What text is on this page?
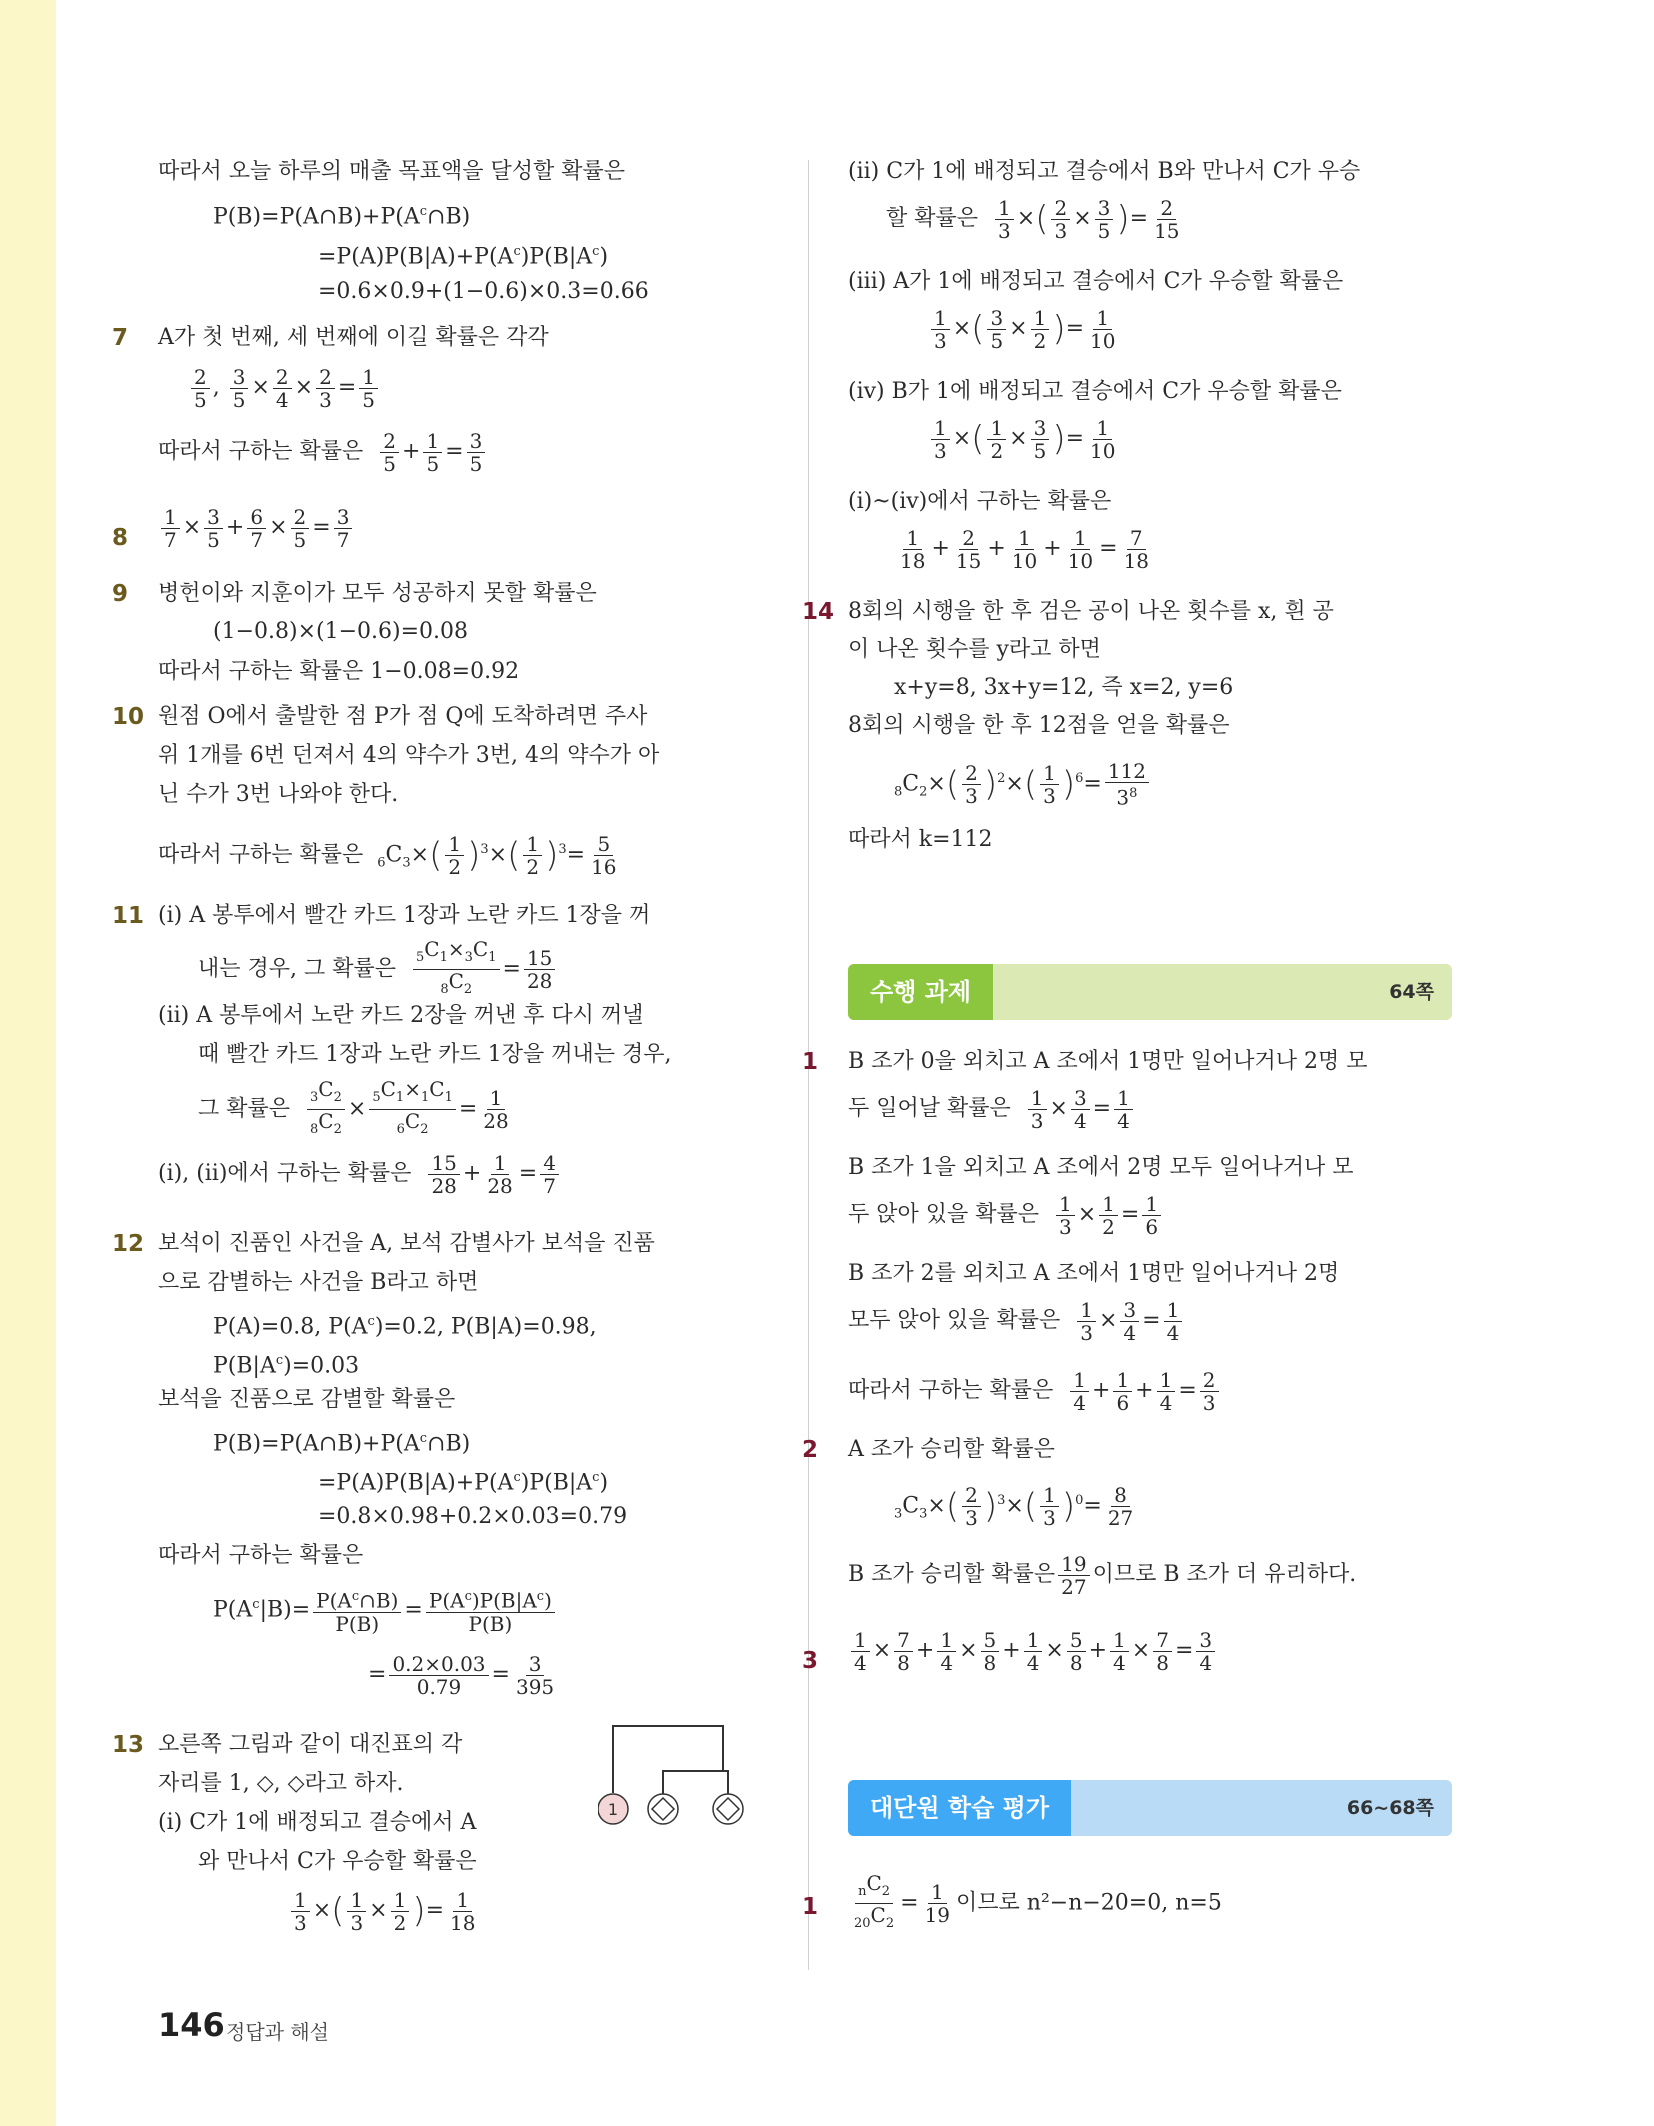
따라서 오늘 하루의 매출 목표액을 달성할 확률은
$P(B)=P(A\cap B)+P(A^c\cap B)$
$=P(A)P(B|A)+P(A^c)P(B|A^c)$
=0.6×0.9+(1−0.6)×0.3=0.66
7 A가 첫 번째, 세 번째에 이길 확률은 각각
$\frac{2}{5}$ , $\frac{3}{5} \times \frac{2}{4} \times \frac{2}{3} = \frac{1}{5}$
따라서 구하는 확률은 $\frac{2}{5} + \frac{1}{5} = \frac{3}{5}$
$8 \frac{1}{7} \times \frac{3}{5} + \frac{6}{7} \times \frac{2}{5} = \frac{3}{7}$
9 병헌이와 지훈이가 모두 성공하지 못할 확률은
(1−0.8)×(1−0.6)=0.08
따라서 구하는 확률은 1−0.08=0.92
10 원점 O에서 출발한 점 P가 점 Q에 도착하려면 주사
위 1개를 6번 던져서 4의 약수가 3번, 4의 약수가 아
닌 수가 3번 나와야 한다.
따라서 구하는 확률은 $_6C_3\times( \frac{1}{2} )^3\times( \frac{1}{2} )^3= \frac{5}{16}$
11 (ⅰ) A 봉투에서 빨간 카드 1장과 노란 카드 1장을 꺼
내는 경우, 그 확률은 $\frac{_5C_1\times_3C_1}{_8C_2} = \frac{15}{28}$
(ⅱ) A 봉투에서 노란 카드 2장을 꺼낸 후 다시 꺼낼
때 빨간 카드 1장과 노란 카드 1장을 꺼내는 경우,
그 확률은 $\frac{_3C_2}{_8C_2} \times \frac{_5C_1\times_1C_1}{_6C_2} = \frac{1}{28}$
(ⅰ), (ⅱ)에서 구하는 확률은 $\frac{15}{28} + \frac{1}{28} = \frac{4}{7}$
12 보석이 진품인 사건을 A, 보석 감별사가 보석을 진품
으로 감별하는 사건을 B라고 하면
P(A)=0.8, $P(A^c)=0.2$, P(B|A)=0.98,
$P(B|A^c)=0.03$
보석을 진품으로 감별할 확률은
$P(B)=P(A\cap B)+P(A^c\cap B)$
$=P(A)P(B|A)+P(A^c)P(B|A^c)$
=0.8×0.98+0.2×0.03=0.79
따라서 구하는 확률은
$P(A^c|B)= \frac{P(A^c\cap B)}{P(B)} = \frac{P(A^c)P(B|A^c)}{P(B)}$
= $\frac{0.2\times 0.03}{0.79} = \frac{3}{395}$
13 오른쪽 그림과 같이 대진표의 각
자리를 1, ◇, ◇라고 하자.
(ⅰ) C가 1에 배정되고 결승에서 A
와 만나서 C가 우승할 확률은
$\frac{1}{3}$ ×( $\frac{1}{3} \times \frac{1}{2}$ )= $\frac{1}{18}$
1
(ⅱ) C가 1에 배정되고 결승에서 B와 만나서 C가 우승
할 확률은 $\frac{1}{3}$ ×( $\frac{2}{3} \times \frac{3}{5}$ )= $\frac{2}{15}$
(ⅲ) A가 1에 배정되고 결승에서 C가 우승할 확률은
$\frac{1}{3}$ ×( $\frac{3}{5} \times \frac{1}{2}$ )= $\frac{1}{10}$
(ⅳ) B가 1에 배정되고 결승에서 C가 우승할 확률은
$\frac{1}{3}$ ×( $\frac{1}{2} \times \frac{3}{5}$ )= $\frac{1}{10}$
(ⅰ)~(ⅳ)에서 구하는 확률은
$\frac{1}{18} + \frac{2}{15} + \frac{1}{10} + \frac{1}{10} = \frac{7}{18}$
14 8회의 시행을 한 후 검은 공이 나온 횟수를 x, 흰 공
이 나온 횟수를 y라고 하면
x+y=8, 3x+y=12, 즉 x=2, y=6
8회의 시행을 한 후 12점을 얻을 확률은
$_8C_2\times( \frac{2}{3} )^2\times( \frac{1}{3} )^6= \frac{112}{3^8}$
따라서 k=112
수행 과제	64쪽
1 B 조가 0을 외치고 A 조에서 1명만 일어나거나 2명 모
두 일어날 확률은 $\frac{1}{3} \times \frac{3}{4} = \frac{1}{4}$
B 조가 1을 외치고 A 조에서 2명 모두 일어나거나 모
두 앉아 있을 확률은 $\frac{1}{3} \times \frac{1}{2} = \frac{1}{6}$
B 조가 2를 외치고 A 조에서 1명만 일어나거나 2명
모두 앉아 있을 확률은 $\frac{1}{3} \times \frac{3}{4} = \frac{1}{4}$
따라서 구하는 확률은 $\frac{1}{4} + \frac{1}{6} + \frac{1}{4} = \frac{2}{3}$
2 A 조가 승리할 확률은
$_3C_3\times( \frac{2}{3} )^3\times( \frac{1}{3} )^0= \frac{8}{27}$
B 조가 승리할 확률은 $\frac{19}{27}$ 이므로 B 조가 더 유리하다.
$3 \frac{1}{4} \times \frac{7}{8} + \frac{1}{4} \times \frac{5}{8} + \frac{1}{4} \times \frac{5}{8} + \frac{1}{4} \times \frac{7}{8} = \frac{3}{4}$
대단원 학습 평가	66~68쪽
1	$\frac{_nC_2}{_{20}C_2} = \frac{1}{19}$ 이므로 n²−n−20=0, n=5
146 정답과 해설
